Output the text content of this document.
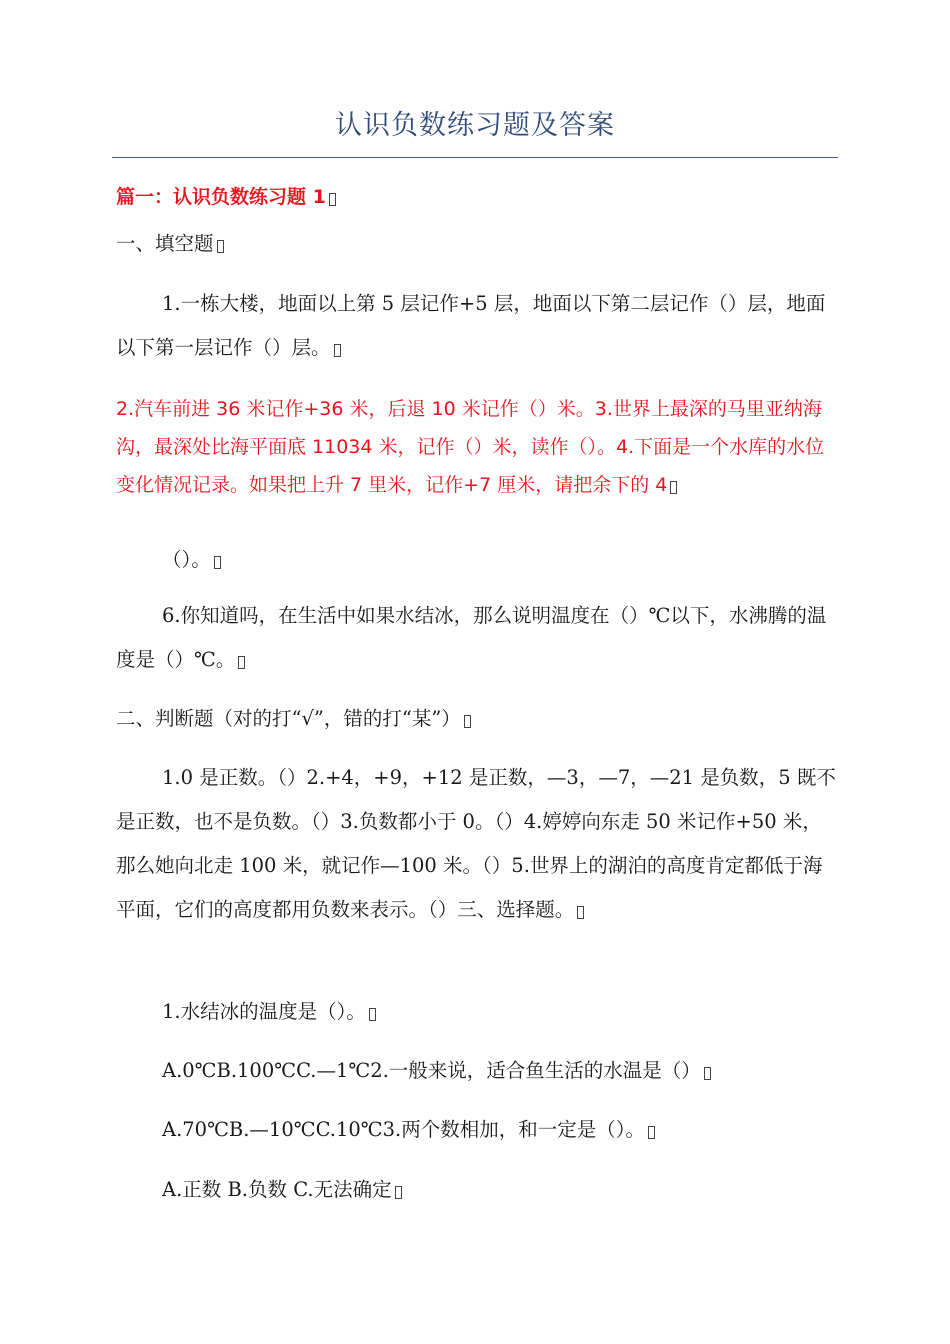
认识负数练习题及答案
篇一：认识负数练习题 1
一、填空题
1.一栋大楼，地面以上第 5 层记作+5 层，地面以下第二层记作（）层，地面以下第一层记作（）层。
2.汽车前进 36 米记作+36 米，后退 10 米记作（）米。3.世界上最深的马里亚纳海沟，最深处比海平面底 11034 米，记作（）米，读作（）。4.下面是一个水库的水位变化情况记录。如果把上升 7 里米，记作+7 厘米，请把余下的 4
（）。
6.你知道吗，在生活中如果水结冰，那么说明温度在（）℃以下，水沸腾的温度是（）℃。
二、判断题（对的打“√”，错的打“某”）
1.0 是正数。（）2.+4，+9，+12 是正数，—3，—7，—21 是负数，5 既不是正数，也不是负数。（）3.负数都小于 0。（）4.婷婷向东走 50 米记作+50 米，那么她向北走 100 米，就记作—100 米。（）5.世界上的湖泊的高度肯定都低于海平面，它们的高度都用负数来表示。（）三、选择题。
1.水结冰的温度是（）。
A.0℃B.100℃C.—1℃2.一般来说，适合鱼生活的水温是（）
A.70℃B.—10℃C.10℃3.两个数相加，和一定是（）。
A.正数 B.负数 C.无法确定
